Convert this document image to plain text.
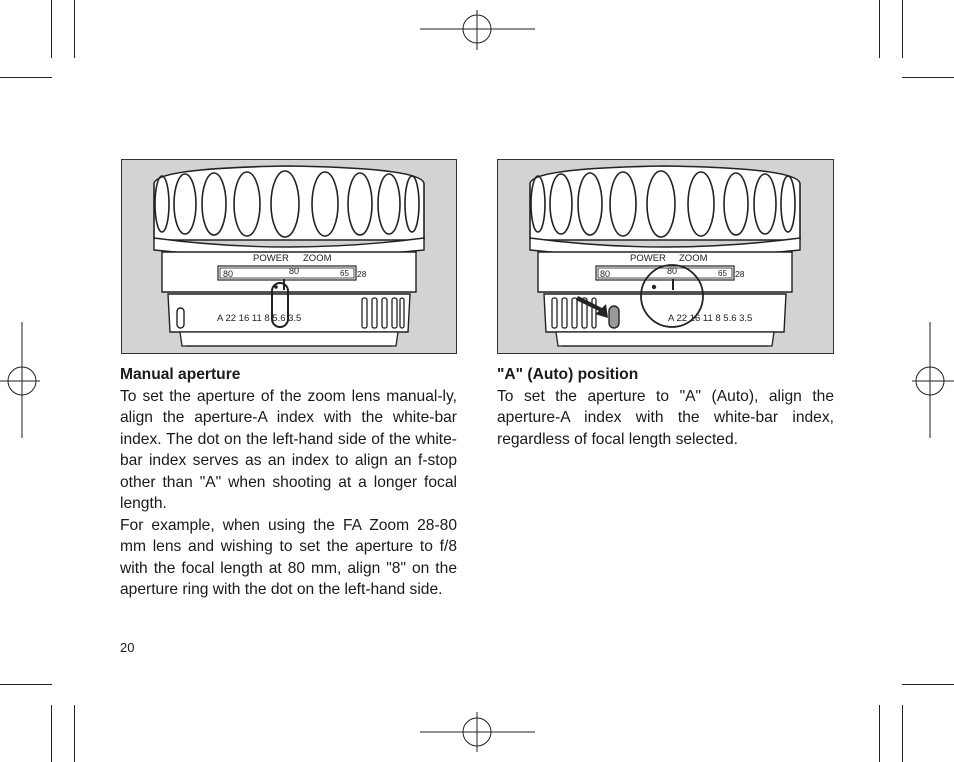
POWER ZOOM
80	80	65 28
A 22 16 11 8 5.6 3.5
POWER ZOOM
80	80	65 28
A 22 16 11 8 5.6 3.5
Manual aperture

To set the aperture of the zoom lens manual-ly, align the aperture-A index with the white-bar index. The dot on the left-hand side of the white-bar index serves as an index to align an f-stop other than "A" when shooting at a longer focal length.

For example, when using the FA Zoom 28-80 mm lens and wishing to set the aperture to f/8 with the focal length at 80 mm, align "8" on the aperture ring with the dot on the left-hand side.

"A" (Auto) position

To set the aperture to "A" (Auto), align the aperture-A index with the white-bar index, regardless of focal length selected.

20
